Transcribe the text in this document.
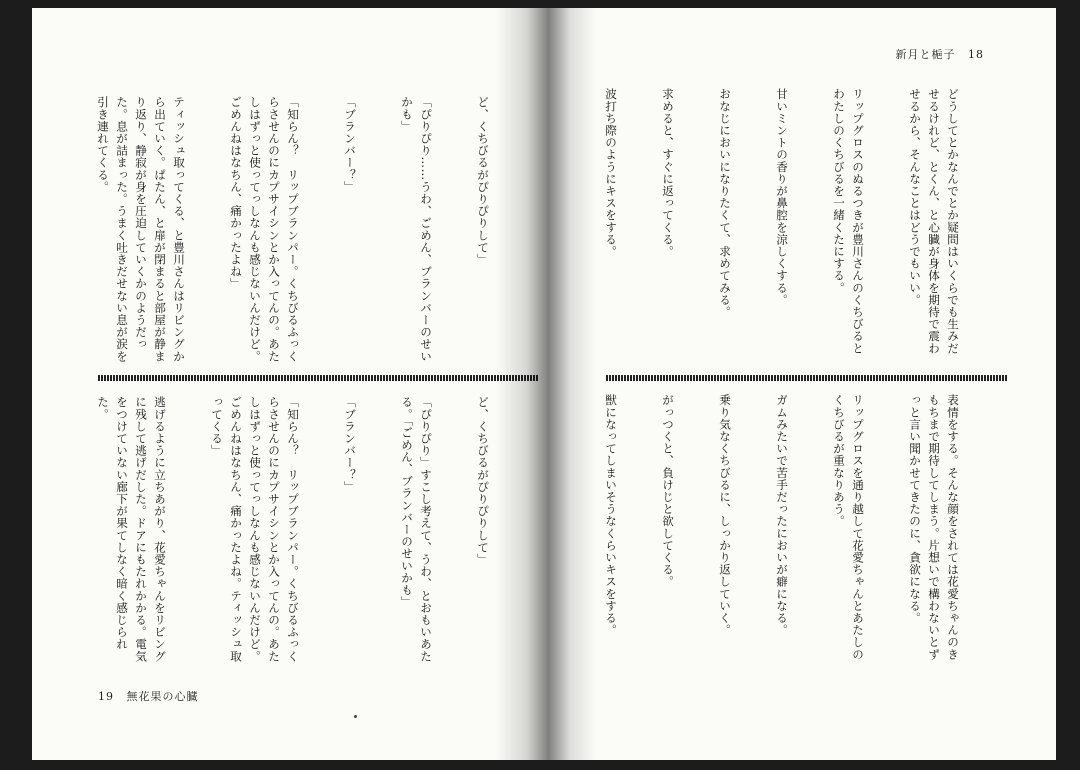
ど、くちびるがぴりぴりして」

「ぴりぴり……うわ、ごめん、ブランバーのせいかも」

「ブランバー？」

「知らん？　リップブランパー。くちびるふっくらさせんのにカプサイシンとか入ってんの。あたしはずっと使ってっしなんも感じないんだけど。ごめんねはなちん、痛かったよね」

ティッシュ取ってくる、と豊川さんはリビングから出ていく。ぱたん、と扉が閉まると部屋が静まり返り、静寂が身を圧迫していくかのようだった。息が詰まった。うまく吐きだせない息が涙を引き連れてくる。

ど、くちびるがぴりぴりして」

「ぴりぴり」すこし考えて、うわ、とおもいあたる。「ごめん、ブランバーのせいかも」

「ブランバー？」

「知らん？　リップブランパー。くちびるふっくらさせんのにカプサイシンとか入ってんの。あたしはずっと使ってっしなんも感じないんだけど。ごめんねはなちん、痛かったよね。ティッシュ取ってくる」

逃げるように立ちあがり、花愛ちゃんをリビングに残して逃げだした。ドアにもたれかかる。電気をつけていない廊下が果てしなく暗く感じられた。

19 無花果の心臓
新月と梔子 18

どうしてとかなんでとか疑問はいくらでも生みだせるけれど、とくん、と心臓が身体を期待で震わせるから、そんなことはどうでもいい。

リップグロスのぬるつきが豊川さんのくちびるとわたしのくちびるを一緒くたにする。

甘いミントの香りが鼻腔を涼しくする。

おなじにおいになりたくて、求めてみる。

求めると、すぐに返ってくる。

波打ち際のようにキスをする。

表情をする。そんな顔をされては花愛ちゃんのきもちまで期待してしまう。片想いで構わないとずっと言い聞かせてきたのに、貪欲になる。

リップグロスを通り越して花愛ちゃんとあたしのくちびるが重なりあう。

ガムみたいで苦手だったにおいが癖になる。

乗り気なくちびるに、しっかり返していく。

がっつくと、負けじと欲してくる。

獣になってしまいそうなくらいキスをする。
